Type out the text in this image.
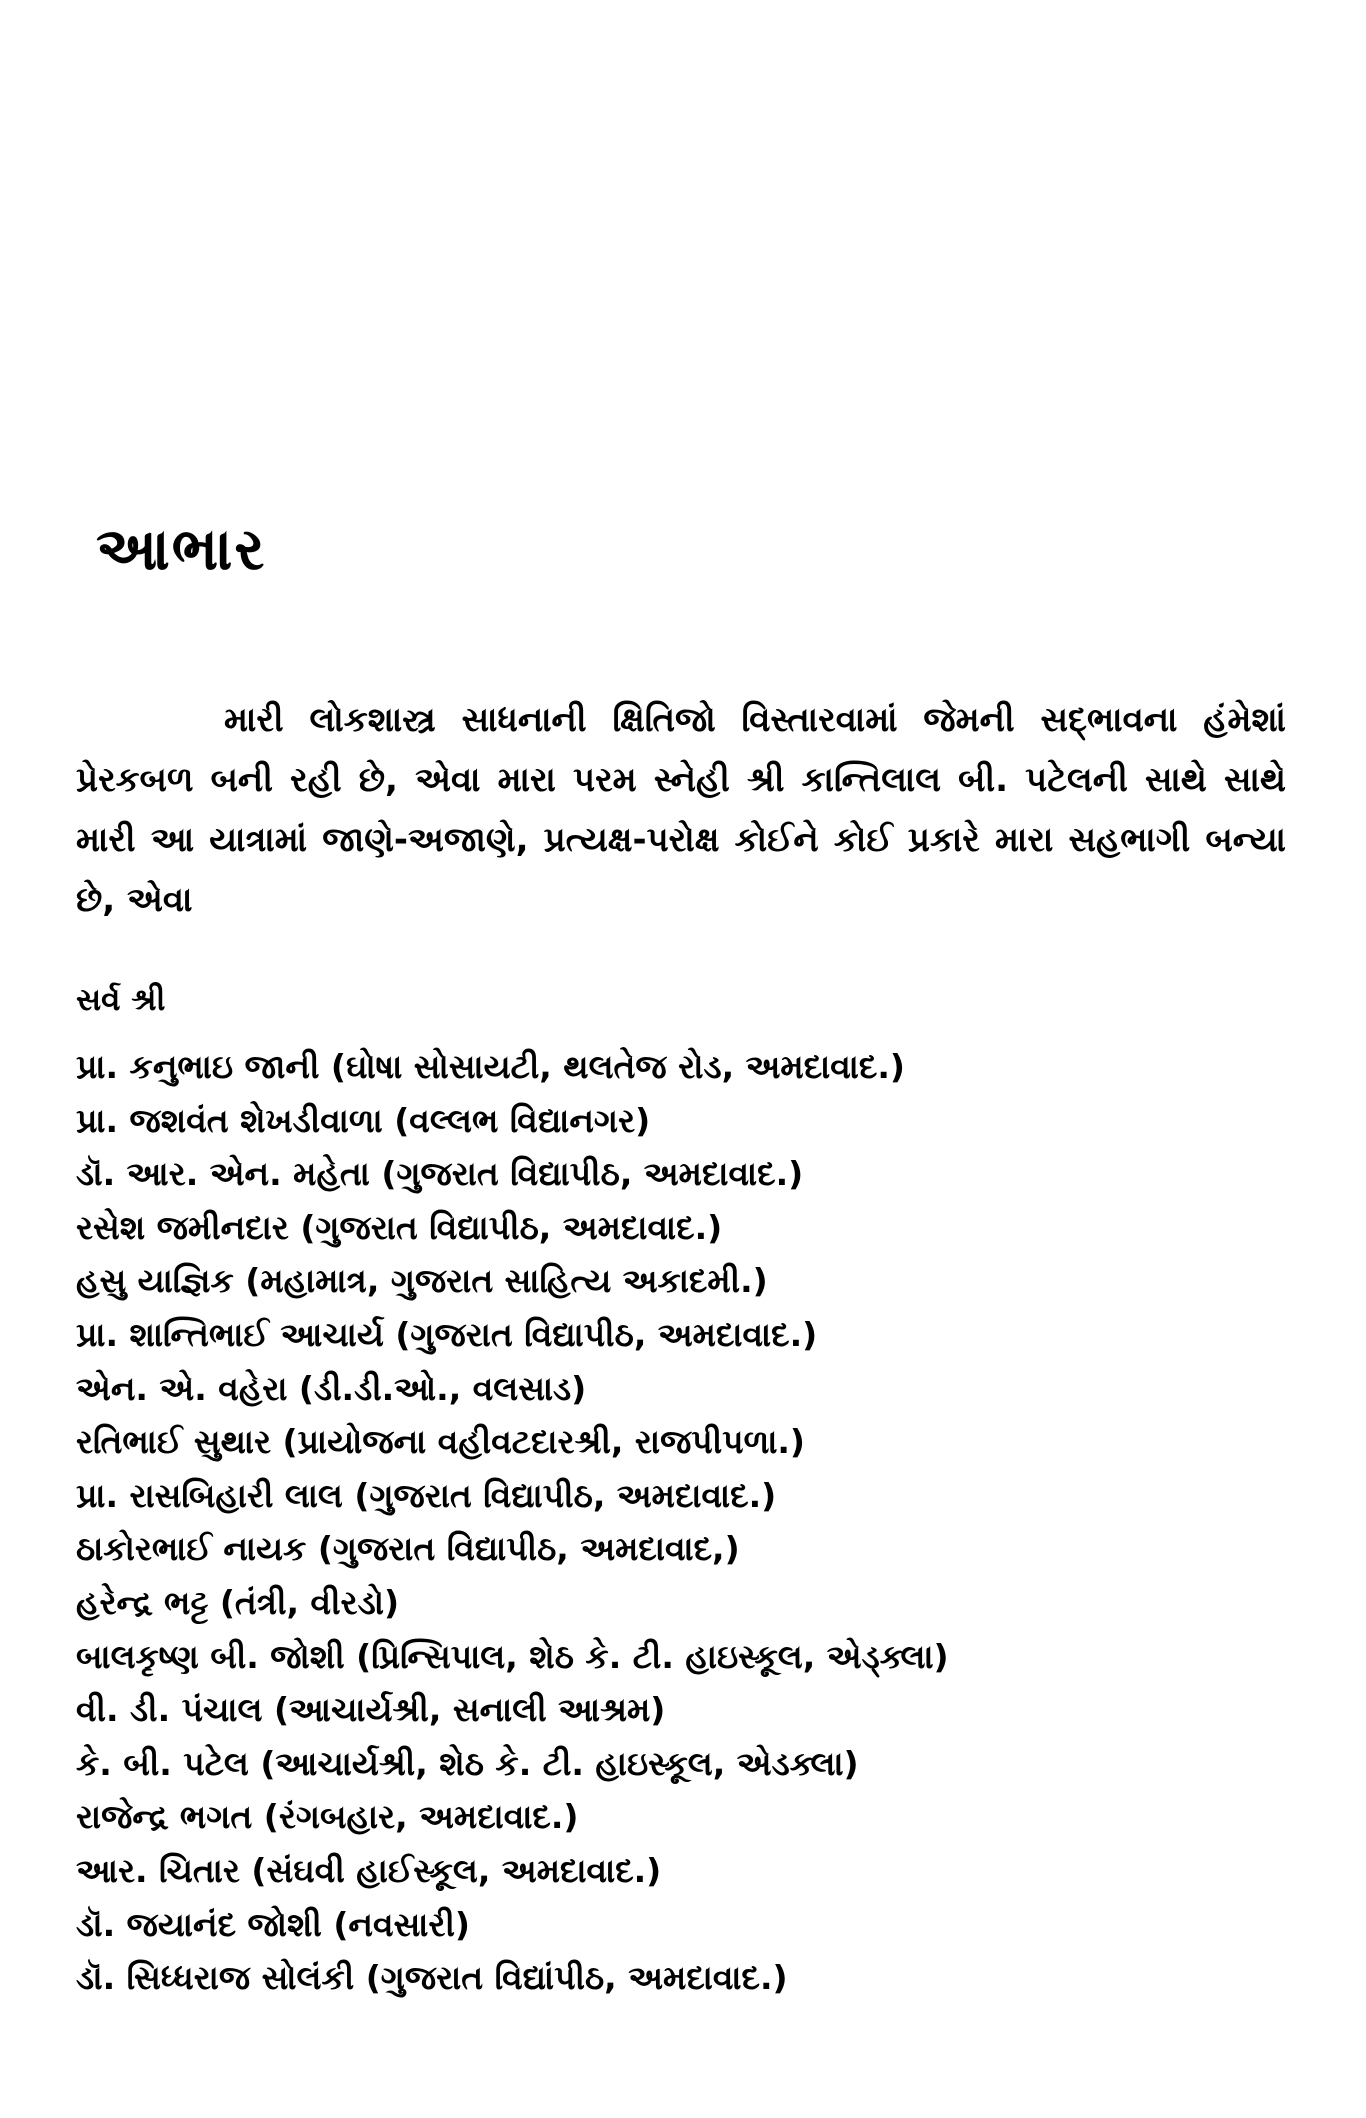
આભાર

મારી લોકશાસ્ત્ર સાધનાની ક્ષિતિજો વિસ્તારવામાં જેમની સદ્ભાવના હંમેશાં પ્રેરકબળ બની રહી છે, એવા મારા પરમ સ્નેહી શ્રી કાન્તિલાલ બી. પટેલની સાથે સાથે મારી આ યાત્રામાં જાણે-અજાણે, પ્રત્યક્ષ-પરોક્ષ કોઈને કોઈ પ્રકારે મારા સહભાગી બન્યા છે, એવા

સર્વ શ્રી

પ્રા. કનુભાઇ જાની (ઘોષા સોસાયટી, થલતેજ રોડ, અમદાવાદ.)
પ્રા. જશવંત શેખડીવાળા (વલ્લભ વિદ્યાનગર)
ડૉ. આર. એન. મહેતા (ગુજરાત વિદ્યાપીઠ, અમદાવાદ.)
રસેશ જમીનદાર (ગુજરાત વિદ્યાપીઠ, અમદાવાદ.)
હસુ યાજ્ઞિક (મહામાત્ર, ગુજરાત સાહિત્ય અકાદમી.)
પ્રા. શાન્તિભાઈ આચાર્ય (ગુજરાત વિદ્યાપીઠ, અમદાવાદ.)
એન. એ. વહેરા (ડી.ડી.ઓ., વલસાડ)
રતિભાઈ સુથાર (પ્રાયોજના વહીવટદારશ્રી, રાજપીપળા.)
પ્રા. રાસબિહારી લાલ (ગુજરાત વિદ્યાપીઠ, અમદાવાદ.)
ઠાકોરભાઈ નાયક (ગુજરાત વિદ્યાપીઠ, અમદાવાદ,)
હરેન્દ્ર ભટ્ટ (તંત્રી, વીરડો)
બાલકૃષ્ણ બી. જોશી (પ્રિન્સિપાલ, શેઠ કે. ટી. હાઇસ્કૂલ, એડ્ક્લા)
વી. ડી. પંચાલ (આચાર્યશ્રી, સનાલી આશ્રમ)
કે. બી. પટેલ (આચાર્યશ્રી, શેઠ કે. ટી. હાઇસ્કૂલ, એડક્લા)
રાજેન્દ્ર ભગત (રંગબહાર, અમદાવાદ.)
આર. ચિતાર (સંઘવી હાઈસ્કૂલ, અમદાવાદ.)
ડૉ. જયાનંદ જોશી (નવસારી)
ડૉ. સિધ્ધરાજ સોલંકી (ગુજરાત વિદ્યાંપીઠ, અમદાવાદ.)
